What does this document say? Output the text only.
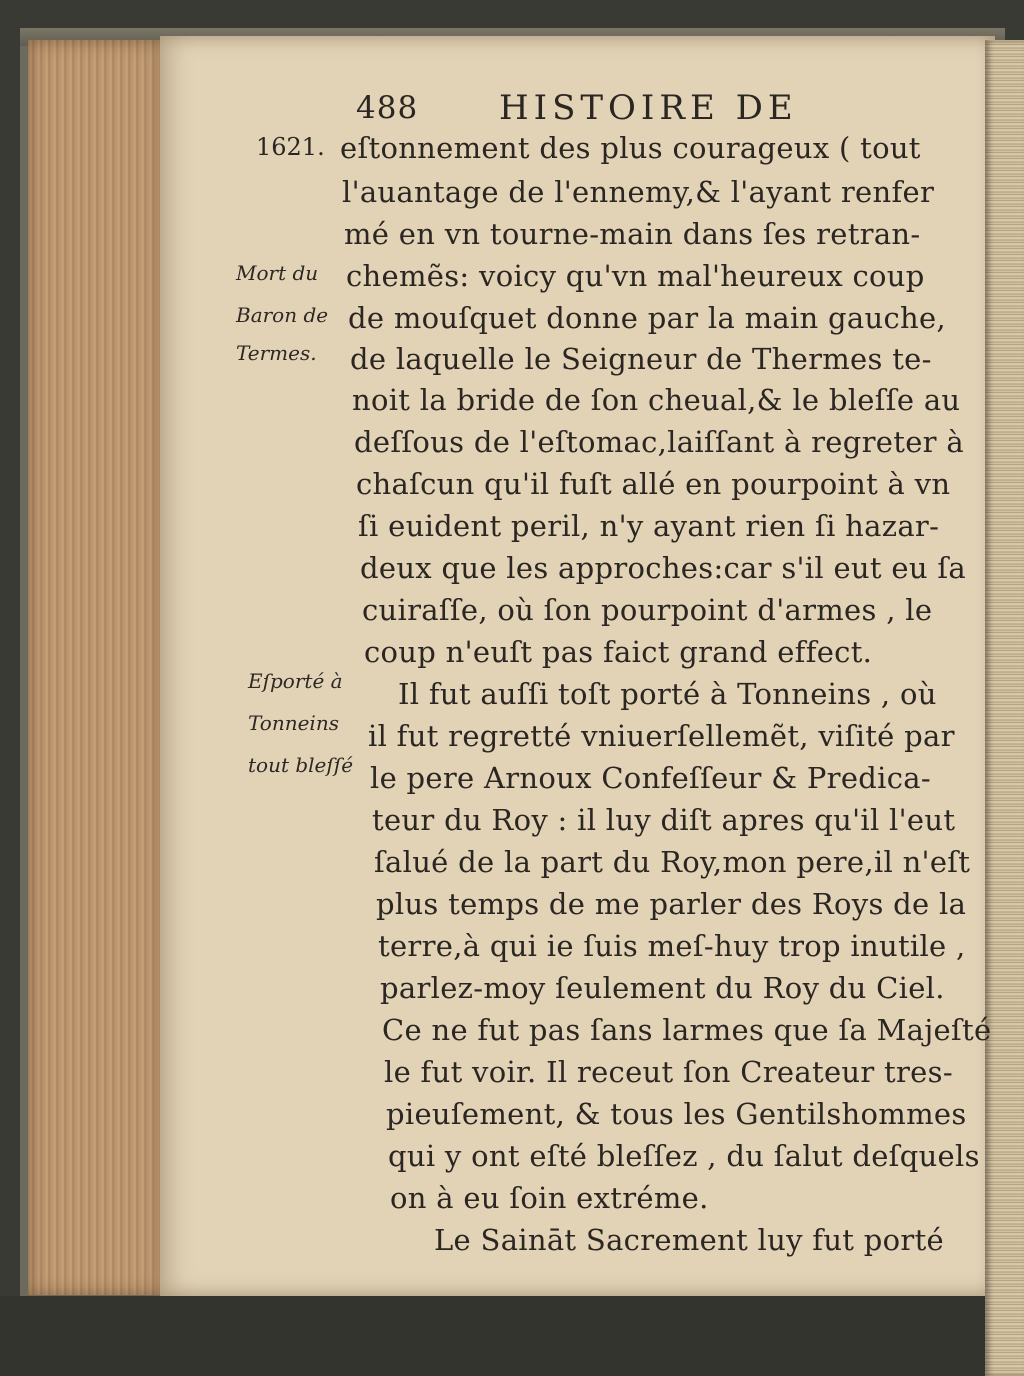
488 HISTOIRE DE
1621.
Mort du
Baron de
Termes.
Eſporté à
Tonneins
tout bleſſé
eſtonnement des plus courageux ( tout
l'auantage de l'ennemy,& l'ayant renfer
mé en vn tourne-main dans ſes retran-
chemẽs: voicy qu'vn mal'heureux coup
de mouſquet donne par la main gauche,
de laquelle le Seigneur de Thermes te-
noit la bride de ſon cheual,& le bleſſe au
deſſous de l'eſtomac,laiſſant à regreter à
chaſcun qu'il fuſt allé en pourpoint à vn
ſi euident peril, n'y ayant rien ſi hazar-
deux que les approches:car s'il eut eu ſa
cuiraſſe, où ſon pourpoint d'armes , le
coup n'euſt pas faict grand effect.
Il fut auſſi toſt porté à Tonneins , où
il fut regretté vniuerſellemẽt, viſité par
le pere Arnoux Confeſſeur & Predica-
teur du Roy : il luy diſt apres qu'il l'eut
ſalué de la part du Roy,mon pere,il n'eſt
plus temps de me parler des Roys de la
terre,à qui ie ſuis meſ-huy trop inutile ,
parlez-moy ſeulement du Roy du Ciel.
Ce ne fut pas ſans larmes que ſa Majeſté
le fut voir. Il receut ſon Createur tres-
pieuſement, & tous les Gentilshommes
qui y ont eſté bleſſez , du ſalut deſquels
on à eu ſoin extréme.
Le Saināt Sacrement luy fut porté
